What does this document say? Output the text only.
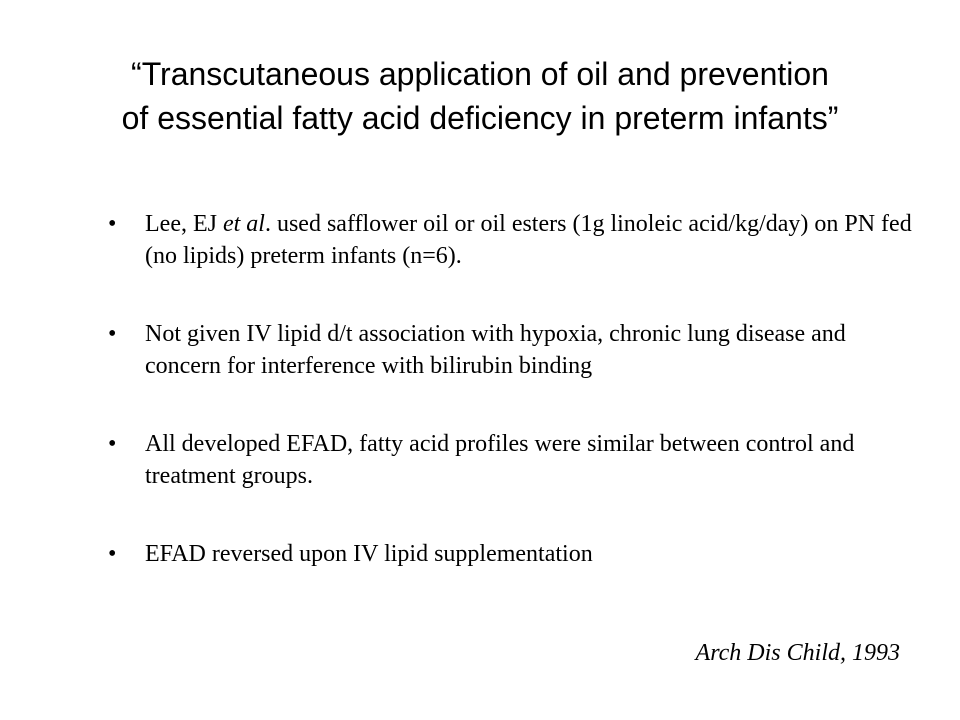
“Transcutaneous application of oil and prevention
of essential fatty acid deficiency in preterm infants”
•	Lee, EJ et al. used safflower oil or oil esters (1g linoleic acid/kg/day) on PN fed (no lipids) preterm infants (n=6).
•	Not given IV lipid d/t association with hypoxia, chronic lung disease and concern for interference with bilirubin binding
•	All developed EFAD, fatty acid profiles were similar between control and treatment groups.
•	EFAD reversed upon IV lipid supplementation
Arch Dis Child, 1993
